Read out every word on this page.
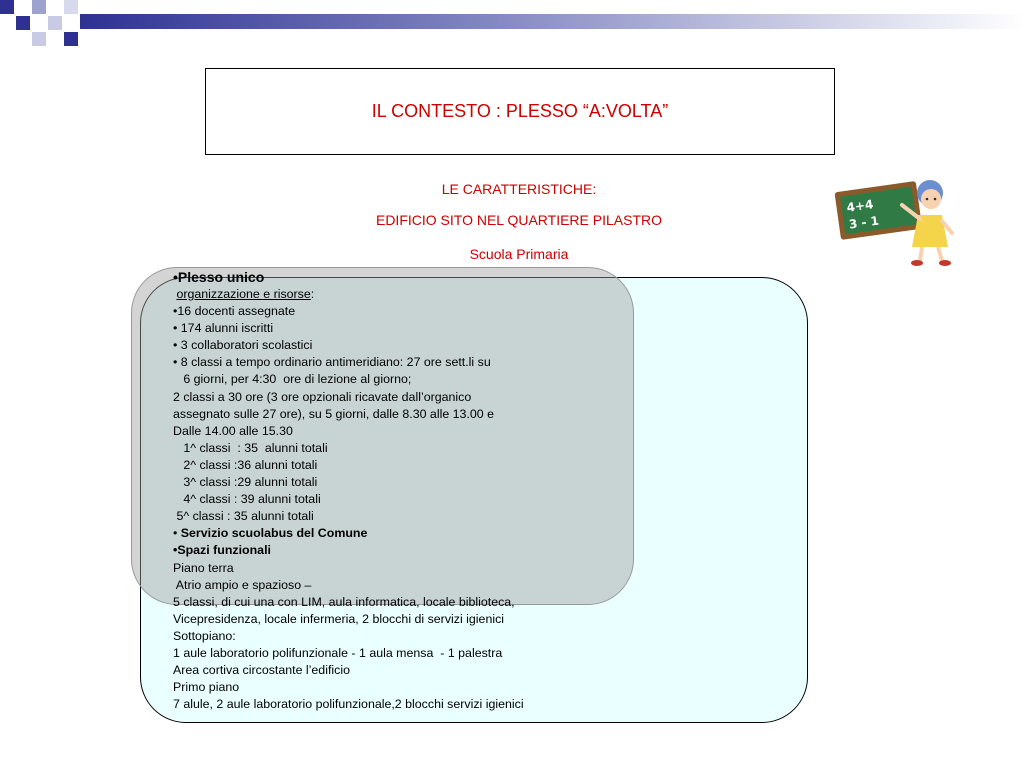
IL CONTESTO : PLESSO “A:VOLTA”
LE CARATTERISTICHE:
EDIFICIO SITO NEL QUARTIERE PILASTRO
Scuola Primaria
4+4
3 - 1
•Plesso unico
organizzazione e risorse:
•16 docenti assegnate
• 174 alunni iscritti
• 3 collaboratori scolastici
• 8 classi a tempo ordinario antimeridiano: 27 ore sett.li su
6 giorni, per 4:30  ore di lezione al giorno;
2 classi a 30 ore (3 ore opzionali ricavate dall’organico
assegnato sulle 27 ore), su 5 giorni, dalle 8.30 alle 13.00 e
Dalle 14.00 alle 15.30
1^ classi  : 35  alunni totali
2^ classi :36 alunni totali
3^ classi :29 alunni totali
4^ classi : 39 alunni totali
5^ classi : 35 alunni totali
• Servizio scuolabus del Comune
•Spazi funzionali
Piano terra
Atrio ampio e spazioso –
5 classi, di cui una con LIM, aula informatica, locale biblioteca,
Vicepresidenza, locale infermeria, 2 blocchi di servizi igienici
Sottopiano:
1 aule laboratorio polifunzionale - 1 aula mensa  - 1 palestra
Area cortiva circostante l’edificio
Primo piano
7 alule, 2 aule laboratorio polifunzionale,2 blocchi servizi igienici
